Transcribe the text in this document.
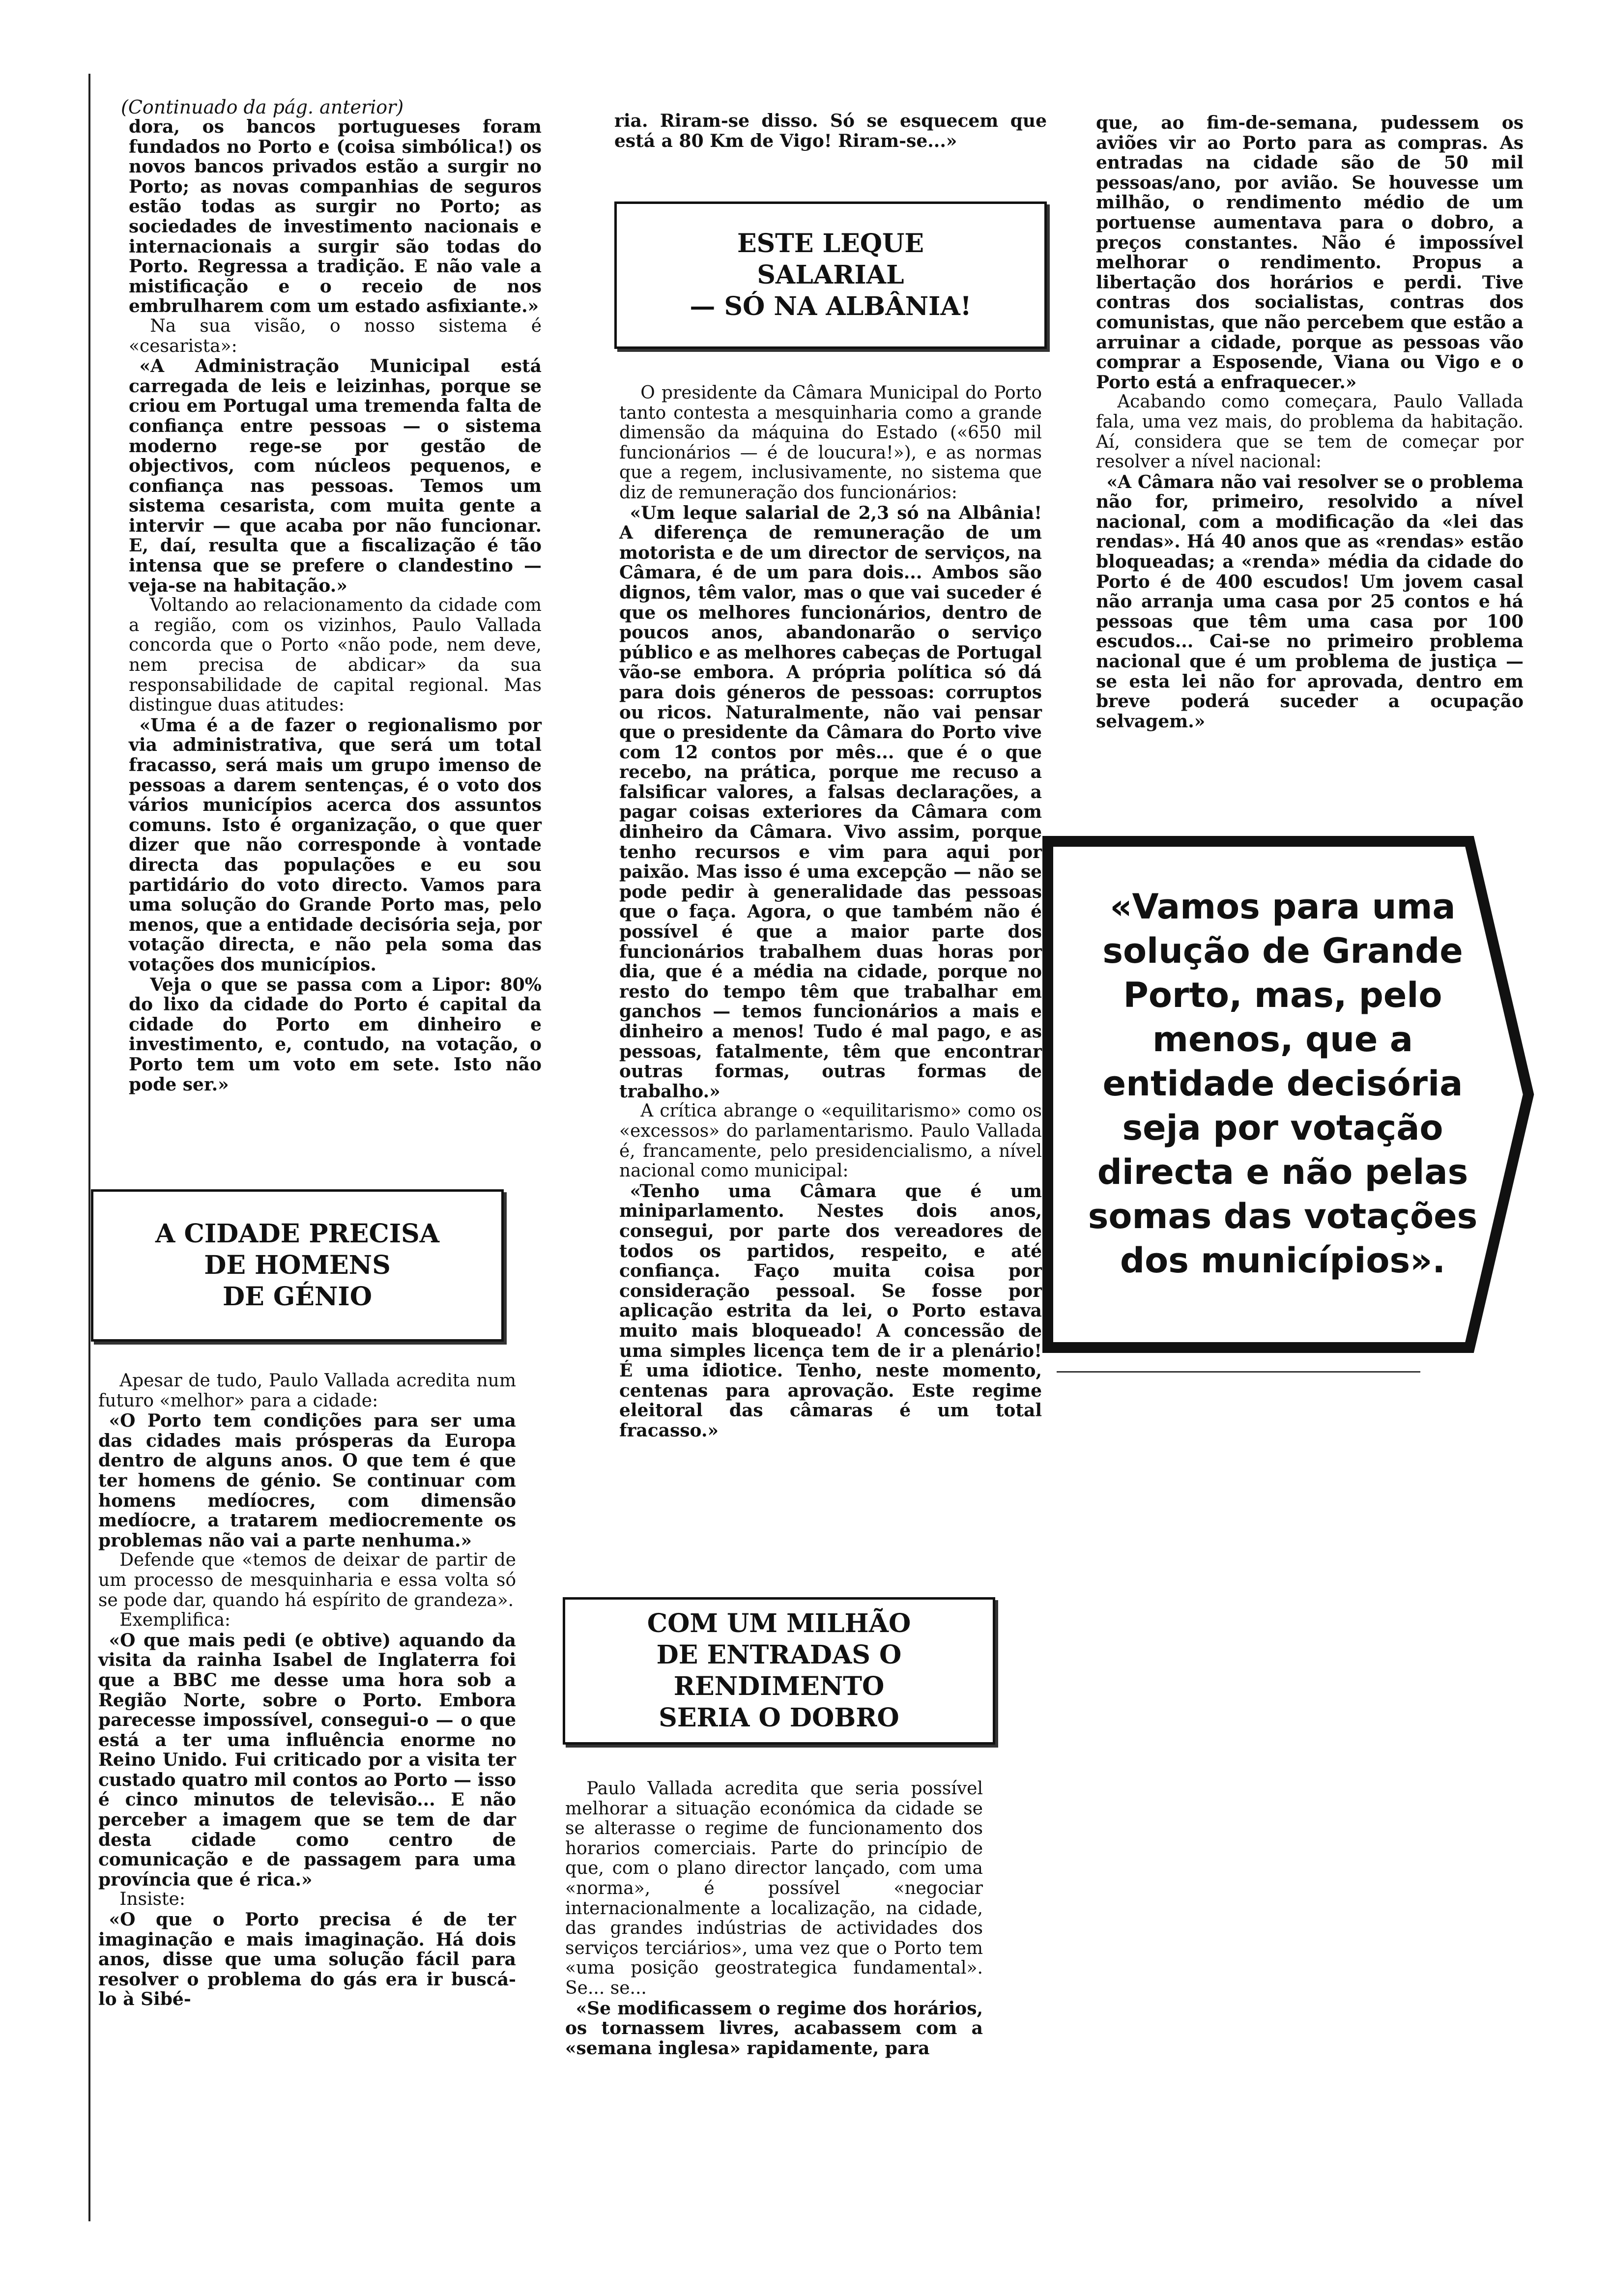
(Continuado da pág. anterior)

dora, os bancos portugueses foram fundados no Porto e (coisa simbólica!) os novos bancos privados estão a surgir no Porto; as novas companhias de seguros estão todas as surgir no Porto; as sociedades de investimento nacionais e internacionais a surgir são todas do Porto. Regressa a tradição. E não vale a mistificação e o receio de nos embrulharem com um estado asfixiante.»

Na sua visão, o nosso sistema é «cesarista»:

«A Administração Municipal está carregada de leis e leizinhas, porque se criou em Portugal uma tremenda falta de confiança entre pessoas — o sistema moderno rege-se por gestão de objectivos, com núcleos pequenos, e confiança nas pessoas. Temos um sistema cesarista, com muita gente a intervir — que acaba por não funcionar. E, daí, resulta que a fiscalização é tão intensa que se prefere o clandestino — veja-se na habitação.»

Voltando ao relacionamento da cidade com a região, com os vizinhos, Paulo Vallada concorda que o Porto «não pode, nem deve, nem precisa de abdicar» da sua responsabilidade de capital regional. Mas distingue duas atitudes:

«Uma é a de fazer o regionalismo por via administrativa, que será um total fracasso, será mais um grupo imenso de pessoas a darem sentenças, é o voto dos vários municípios acerca dos assuntos comuns. Isto é organização, o que quer dizer que não corresponde à vontade directa das populações e eu sou partidário do voto directo. Vamos para uma solução do Grande Porto mas, pelo menos, que a entidade decisória seja, por votação directa, e não pela soma das votações dos municípios.

Veja o que se passa com a Lipor: 80% do lixo da cidade do Porto é capital da cidade do Porto em dinheiro e investimento, e, contudo, na votação, o Porto tem um voto em sete. Isto não pode ser.»

A CIDADE PRECISA
DE HOMENS
DE GÉNIO

Apesar de tudo, Paulo Vallada acredita num futuro «melhor» para a cidade:

«O Porto tem condições para ser uma das cidades mais prósperas da Europa dentro de alguns anos. O que tem é que ter homens de génio. Se continuar com homens medíocres, com dimensão medíocre, a tratarem mediocremente os problemas não vai a parte nenhuma.»

Defende que «temos de deixar de partir de um processo de mesquinharia e essa volta só se pode dar, quando há espírito de grandeza».

Exemplifica:

«O que mais pedi (e obtive) aquando da visita da rainha Isabel de Inglaterra foi que a BBC me desse uma hora sob a Região Norte, sobre o Porto. Embora parecesse impossível, consegui-o — o que está a ter uma influência enorme no Reino Unido. Fui criticado por a visita ter custado quatro mil contos ao Porto — isso é cinco minutos de televisão... E não perceber a imagem que se tem de dar desta cidade como centro de comunicação e de passagem para uma província que é rica.»

Insiste:

«O que o Porto precisa é de ter imaginação e mais imaginação. Há dois anos, disse que uma solução fácil para resolver o problema do gás era ir buscá-lo à Sibé-

ria. Riram-se disso. Só se esquecem que está a 80 Km de Vigo! Riram-se...»

ESTE LEQUE
SALARIAL
— SÓ NA ALBÂNIA!

O presidente da Câmara Municipal do Porto tanto contesta a mesquinharia como a grande dimensão da máquina do Estado («650 mil funcionários — é de loucura!»), e as normas que a regem, inclusivamente, no sistema que diz de remuneração dos funcionários:

«Um leque salarial de 2,3 só na Albânia! A diferença de remuneração de um motorista e de um director de serviços, na Câmara, é de um para dois... Ambos são dignos, têm valor, mas o que vai suceder é que os melhores funcionários, dentro de poucos anos, abandonarão o serviço público e as melhores cabeças de Portugal vão-se embora. A própria política só dá para dois géneros de pessoas: corruptos ou ricos. Naturalmente, não vai pensar que o presidente da Câmara do Porto vive com 12 contos por mês... que é o que recebo, na prática, porque me recuso a falsificar valores, a falsas declarações, a pagar coisas exteriores da Câmara com dinheiro da Câmara. Vivo assim, porque tenho recursos e vim para aqui por paixão. Mas isso é uma excepção — não se pode pedir à generalidade das pessoas que o faça. Agora, o que também não é possível é que a maior parte dos funcionários trabalhem duas horas por dia, que é a média na cidade, porque no resto do tempo têm que trabalhar em ganchos — temos funcionários a mais e dinheiro a menos! Tudo é mal pago, e as pessoas, fatalmente, têm que encontrar outras formas, outras formas de trabalho.»

A crítica abrange o «equilitarismo» como os «excessos» do parlamentarismo. Paulo Vallada é, francamente, pelo presidencialismo, a nível nacional como municipal:

«Tenho uma Câmara que é um miniparlamento. Nestes dois anos, consegui, por parte dos vereadores de todos os partidos, respeito, e até confiança. Faço muita coisa por consideração pessoal. Se fosse por aplicação estrita da lei, o Porto estava muito mais bloqueado! A concessão de uma simples licença tem de ir a plenário! É uma idiotice. Tenho, neste momento, centenas para aprovação. Este regime eleitoral das câmaras é um total fracasso.»

COM UM MILHÃO
DE ENTRADAS O RENDIMENTO
SERIA O DOBRO

Paulo Vallada acredita que seria possível melhorar a situação económica da cidade se se alterasse o regime de funcionamento dos horarios comerciais. Parte do princípio de que, com o plano director lançado, com uma «norma», é possível «negociar internacionalmente a localização, na cidade, das grandes indústrias de actividades dos serviços terciários», uma vez que o Porto tem «uma posição geostrategica fundamental». Se... se...

«Se modificassem o regime dos horários, os tornassem livres, acabassem com a «semana inglesa» rapidamente, para

que, ao fim-de-semana, pudessem os aviões vir ao Porto para as compras. As entradas na cidade são de 50 mil pessoas/ano, por avião. Se houvesse um milhão, o rendimento médio de um portuense aumentava para o dobro, a preços constantes. Não é impossível melhorar o rendimento. Propus a libertação dos horários e perdi. Tive contras dos socialistas, contras dos comunistas, que não percebem que estão a arruinar a cidade, porque as pessoas vão comprar a Esposende, Viana ou Vigo e o Porto está a enfraquecer.»

Acabando como começara, Paulo Vallada fala, uma vez mais, do problema da habitação. Aí, considera que se tem de começar por resolver a nível nacional:

«A Câmara não vai resolver se o problema não for, primeiro, resolvido a nível nacional, com a modificação da «lei das rendas». Há 40 anos que as «rendas» estão bloqueadas; a «renda» média da cidade do Porto é de 400 escudos! Um jovem casal não arranja uma casa por 25 contos e há pessoas que têm uma casa por 100 escudos... Cai-se no primeiro problema nacional que é um problema de justiça — se esta lei não for aprovada, dentro em breve poderá suceder a ocupação selvagem.»

«Vamos para uma solução de Grande Porto, mas, pelo menos, que a entidade decisória seja por votação directa e não pelas somas das votações dos municípios».
